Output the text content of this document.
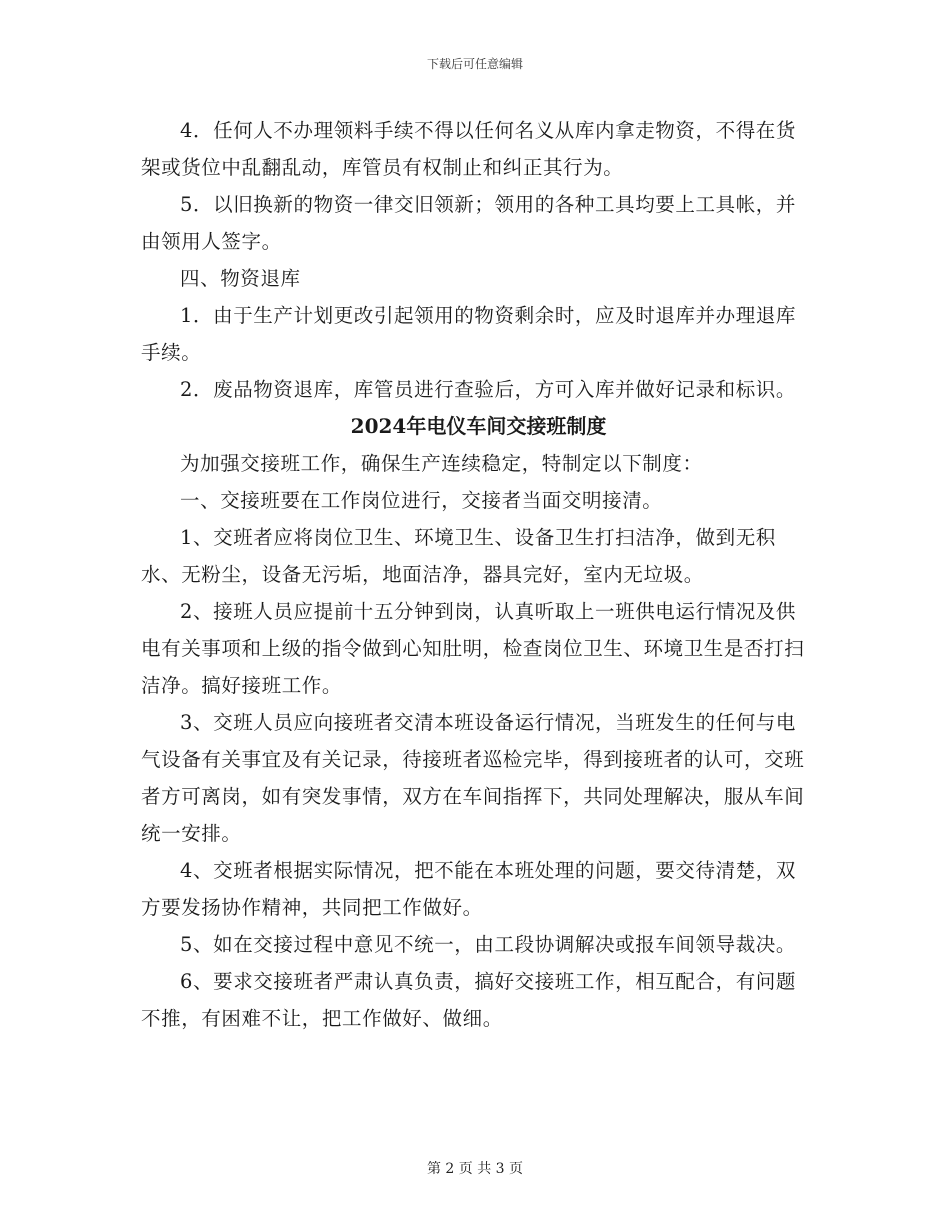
下载后可任意编辑

4．任何人不办理领料手续不得以任何名义从库内拿走物资，不得在货架或货位中乱翻乱动，库管员有权制止和纠正其行为。

5．以旧换新的物资一律交旧领新；领用的各种工具均要上工具帐，并由领用人签字。

四、物资退库

1．由于生产计划更改引起领用的物资剩余时，应及时退库并办理退库手续。

2．废品物资退库，库管员进行查验后，方可入库并做好记录和标识。

2024年电仪车间交接班制度

为加强交接班工作，确保生产连续稳定，特制定以下制度：

一、交接班要在工作岗位进行，交接者当面交明接清。

1、交班者应将岗位卫生、环境卫生、设备卫生打扫洁净，做到无积水、无粉尘，设备无污垢，地面洁净，器具完好，室内无垃圾。

2、接班人员应提前十五分钟到岗，认真听取上一班供电运行情况及供电有关事项和上级的指令做到心知肚明，检查岗位卫生、环境卫生是否打扫洁净。搞好接班工作。

3、交班人员应向接班者交清本班设备运行情况，当班发生的任何与电气设备有关事宜及有关记录，待接班者巡检完毕，得到接班者的认可，交班者方可离岗，如有突发事情，双方在车间指挥下，共同处理解决，服从车间统一安排。

4、交班者根据实际情况，把不能在本班处理的问题，要交待清楚，双方要发扬协作精神，共同把工作做好。

5、如在交接过程中意见不统一，由工段协调解决或报车间领导裁决。

6、要求交接班者严肃认真负责，搞好交接班工作，相互配合，有问题不推，有困难不让，把工作做好、做细。

第 2 页 共 3 页
